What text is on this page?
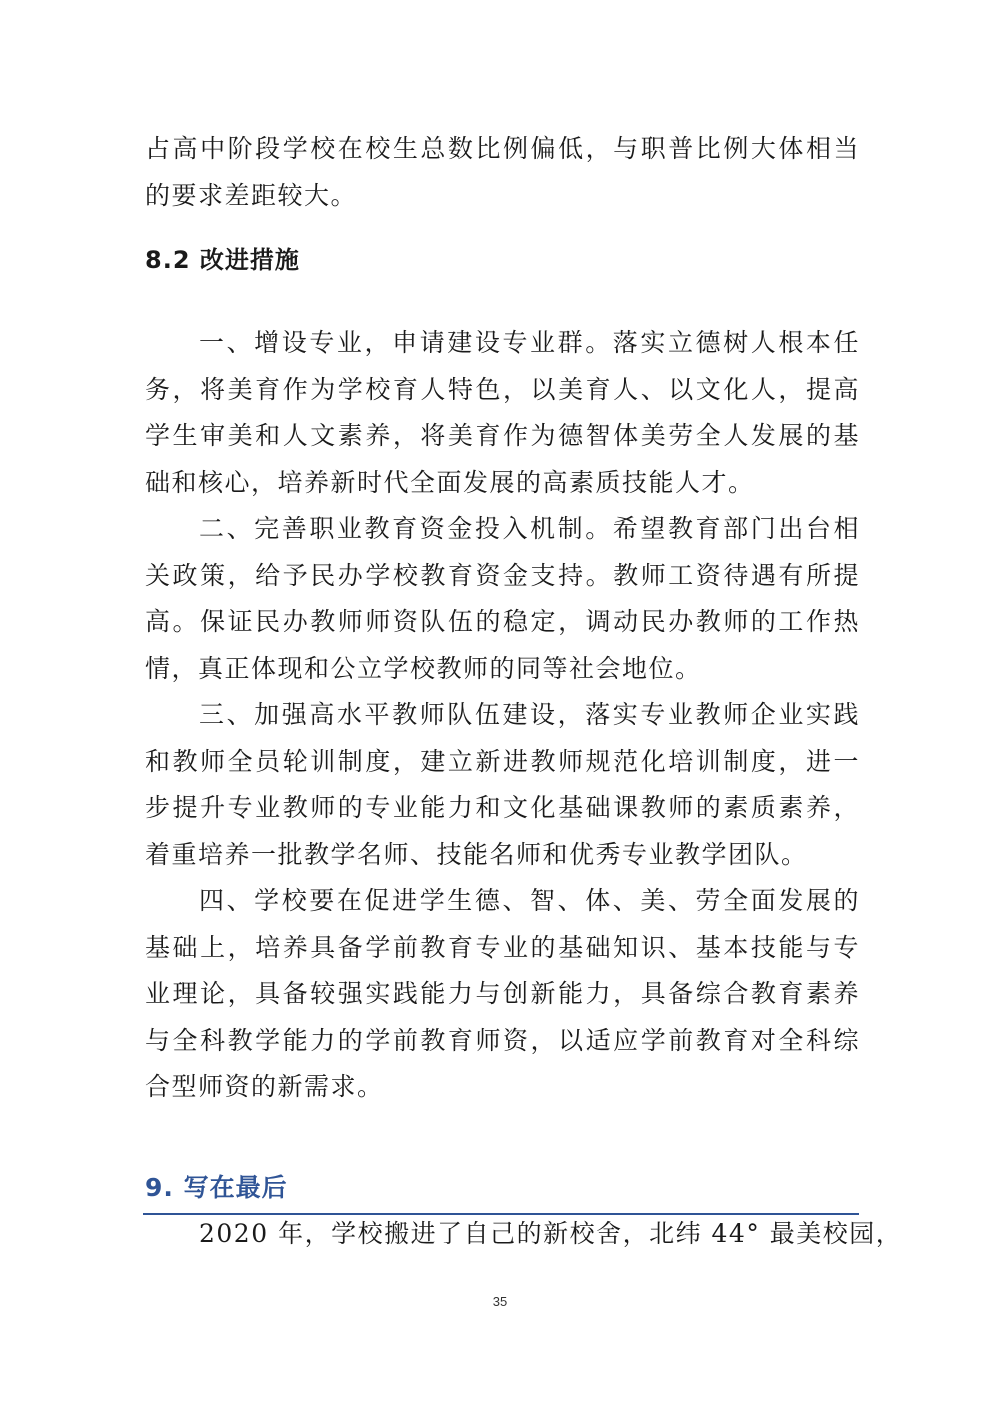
占高中阶段学校在校生总数比例偏低，与职普比例大体相当的要求差距较大。

8.2 改进措施

一、增设专业，申请建设专业群。落实立德树人根本任务，将美育作为学校育人特色，以美育人、以文化人，提高学生审美和人文素养，将美育作为德智体美劳全人发展的基础和核心，培养新时代全面发展的高素质技能人才。

二、完善职业教育资金投入机制。希望教育部门出台相关政策，给予民办学校教育资金支持。教师工资待遇有所提高。保证民办教师师资队伍的稳定，调动民办教师的工作热情，真正体现和公立学校教师的同等社会地位。

三、加强高水平教师队伍建设，落实专业教师企业实践和教师全员轮训制度，建立新进教师规范化培训制度，进一步提升专业教师的专业能力和文化基础课教师的素质素养，着重培养一批教学名师、技能名师和优秀专业教学团队。

四、学校要在促进学生德、智、体、美、劳全面发展的基础上，培养具备学前教育专业的基础知识、基本技能与专业理论，具备较强实践能力与创新能力，具备综合教育素养与全科教学能力的学前教育师资，以适应学前教育对全科综合型师资的新需求。

9. 写在最后

2020 年，学校搬进了自己的新校舍，北纬 44° 最美校园，

35
